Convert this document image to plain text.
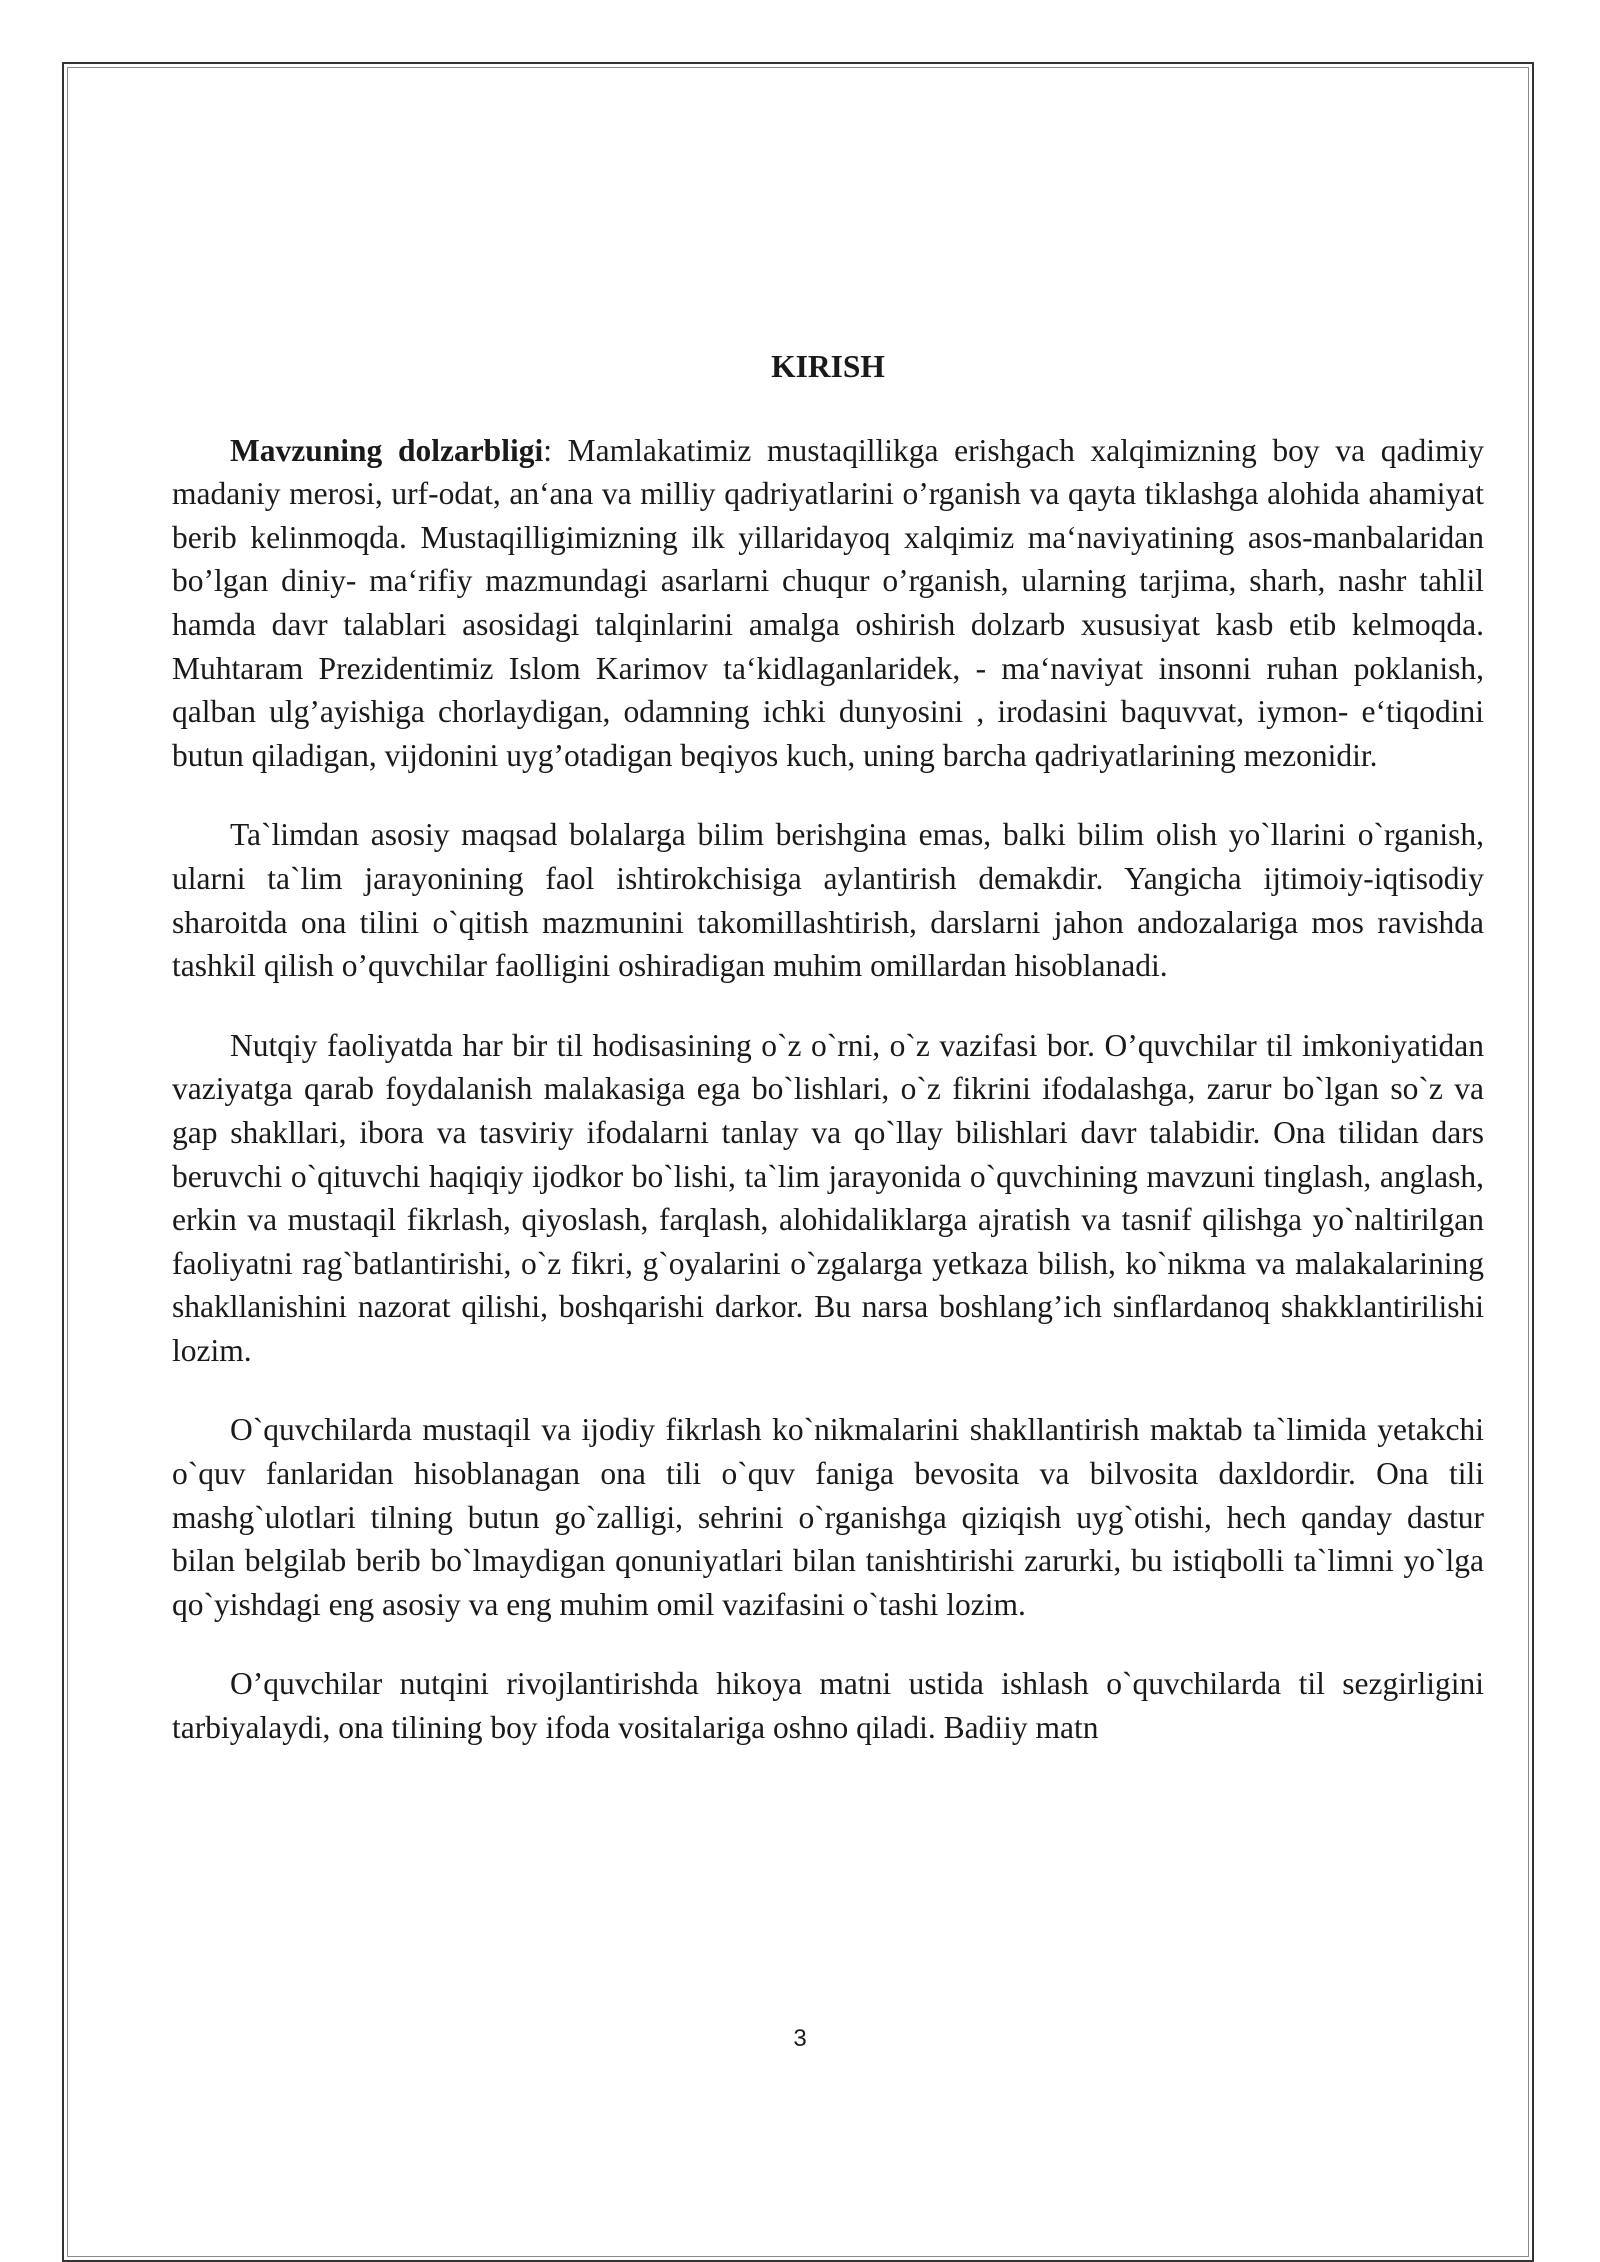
KIRISH

Mavzuning dolzarbligi: Mamlakatimiz mustaqillikga erishgach xalqimizning boy va qadimiy madaniy merosi, urf-odat, an‘ana va milliy qadriyatlarini o’rganish va qayta tiklashga alohida ahamiyat berib kelinmoqda. Mustaqilligimizning ilk yillaridayoq xalqimiz ma‘naviyatining asos-manbalaridan bo’lgan diniy- ma‘rifiy mazmundagi asarlarni chuqur o’rganish, ularning tarjima, sharh, nashr tahlil hamda davr talablari asosidagi talqinlarini amalga oshirish dolzarb xususiyat kasb etib kelmoqda. Muhtaram Prezidentimiz Islom Karimov ta‘kidlaganlaridek, - ma‘naviyat insonni ruhan poklanish, qalban ulg’ayishiga chorlaydigan, odamning ichki dunyosini , irodasini baquvvat, iymon- e‘tiqodini butun qiladigan, vijdonini uyg’otadigan beqiyos kuch, uning barcha qadriyatlarining mezonidir.

Ta`limdan asosiy maqsad bolalarga bilim berishgina emas, balki bilim olish yo`llarini o`rganish, ularni ta`lim jarayonining faol ishtirokchisiga aylantirish demakdir. Yangicha ijtimoiy-iqtisodiy sharoitda ona tilini o`qitish mazmunini takomillashtirish, darslarni jahon andozalariga mos ravishda tashkil qilish o’quvchilar faolligini oshiradigan muhim omillardan hisoblanadi.

Nutqiy faoliyatda har bir til hodisasining o`z o`rni, o`z vazifasi bor. O’quvchilar til imkoniyatidan vaziyatga qarab foydalanish malakasiga ega bo`lishlari, o`z fikrini ifodalashga, zarur bo`lgan so`z va gap shakllari, ibora va tasviriy ifodalarni tanlay va qo`llay bilishlari davr talabidir. Ona tilidan dars beruvchi o`qituvchi haqiqiy ijodkor bo`lishi, ta`lim jarayonida o`quvchining mavzuni tinglash, anglash, erkin va mustaqil fikrlash, qiyoslash, farqlash, alohidaliklarga ajratish va tasnif qilishga yo`naltirilgan faoliyatni rag`batlantirishi, o`z fikri, g`oyalarini o`zgalarga yetkaza bilish, ko`nikma va malakalarining shakllanishini nazorat qilishi, boshqarishi darkor. Bu narsa boshlang’ich sinflardanoq shakklantirilishi lozim.

O`quvchilarda mustaqil va ijodiy fikrlash ko`nikmalarini shakllantirish maktab ta`limida yetakchi o`quv fanlaridan hisoblanagan ona tili o`quv faniga bevosita va bilvosita daxldordir. Ona tili mashg`ulotlari tilning butun go`zalligi, sehrini o`rganishga qiziqish uyg`otishi, hech qanday dastur bilan belgilab berib bo`lmaydigan qonuniyatlari bilan tanishtirishi zarurki, bu istiqbolli ta`limni yo`lga qo`yishdagi eng asosiy va eng muhim omil vazifasini o`tashi lozim.

O’quvchilar nutqini rivojlantirishda hikoya matni ustida ishlash o`quvchilarda til sezgirligini tarbiyalaydi, ona tilining boy ifoda vositalariga oshno qiladi. Badiiy matn

3
